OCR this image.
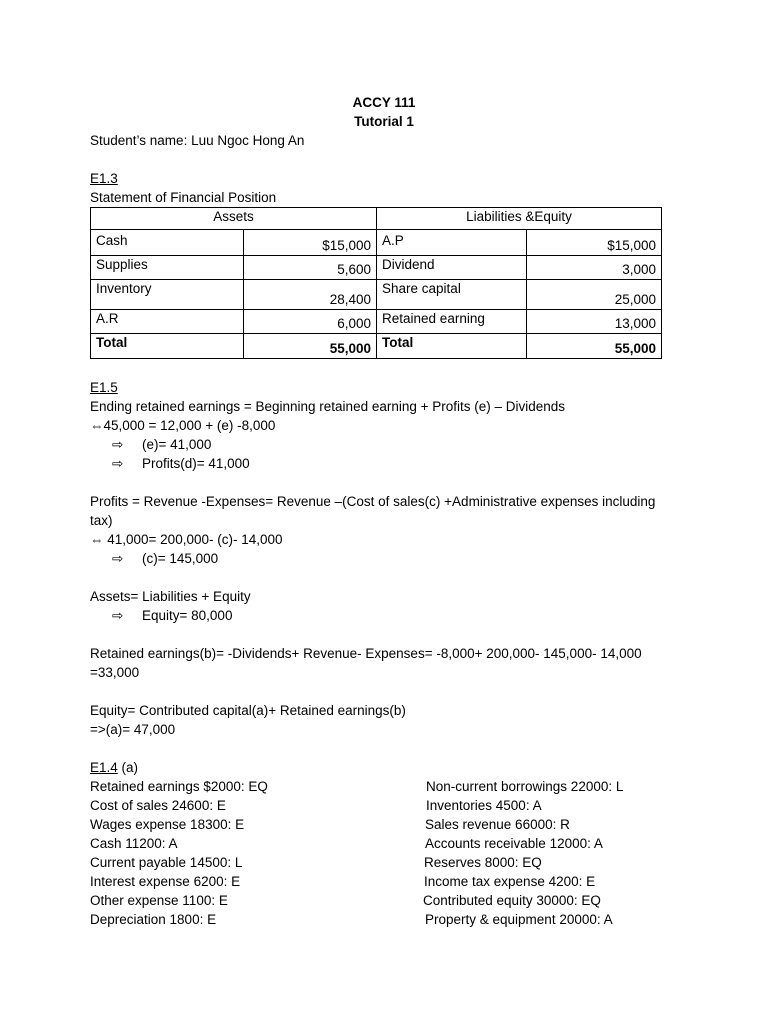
ACCY 111
Tutorial 1
Student’s name: Luu Ngoc Hong An
E1.3
Statement of Financial Position
Assets		Liabilities &Equity	
Cash	$15,000	A.P	$15,000
Supplies	5,600	Dividend	3,000
Inventory	28,400	Share capital	25,000
A.R	6,000	Retained earning	13,000
Total	55,000	Total	55,000
E1.5
Ending retained earnings = Beginning retained earning + Profits (e) – Dividends
⇔45,000 = 12,000 + (e) -8,000
⇨ (e)= 41,000
⇨ Profits(d)= 41,000
Profits = Revenue -Expenses= Revenue –(Cost of sales(c) +Administrative expenses including
tax)
⇔ 41,000= 200,000- (c)- 14,000
⇨ (c)= 145,000
Assets= Liabilities + Equity
⇨ Equity= 80,000
Retained earnings(b)= -Dividends+ Revenue- Expenses= -8,000+ 200,000- 145,000- 14,000
=33,000
Equity= Contributed capital(a)+ Retained earnings(b)
=>(a)= 47,000
E1.4 (a)
Retained earnings $2000: EQ
Cost of sales 24600: E
Wages expense 18300: E
Cash 11200: A
Current payable 14500: L
Interest expense 6200: E
Other expense 1100: E
Depreciation 1800: E
Non-current borrowings 22000: L
Inventories 4500: A
Sales revenue 66000: R
Accounts receivable 12000: A
Reserves 8000: EQ
Income tax expense 4200: E
Contributed equity 30000: EQ
Property & equipment 20000: A
